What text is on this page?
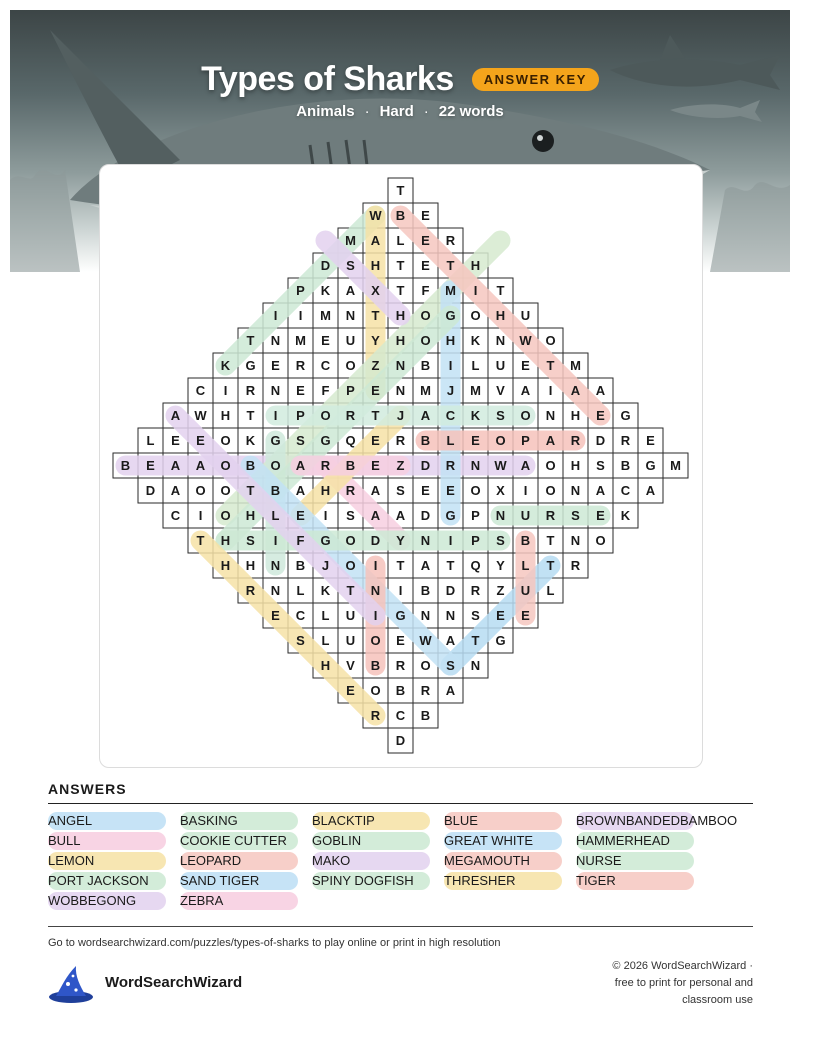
Types of Sharks ANSWER KEY
Animals · Hard · 22 words
T
W B E
M A L E R
D S H T E T H
P K A X T F M I T
I I M N T H O G O H U
T N M E U Y H O H K N W O
K G E R C O Z N B I L U E T M
C I R N E F P E N M J M V A I A A
A W H T I P O R T J A C K S O N H E G
L E E O K G S G Q E R B L E O P A R D R E
B E A A O B O A R B E Z D R N W A O H S B G M
D A O O T B A H R A S E E O X I O N A C A
C I O H L E I S A A D G P N U R S E K
T H S I F G O D Y N I P S B T N O
H H N B J O I T A T Q Y L T R
R N L K T N I B D R Z U L
E C L U I G N N S E E
S L U O E W A T G
H V B R O S N
E O B R A
R C B
D
ANSWERS
ANGEL	BASKING	BLACKTIP	BLUE	BROWNBANDEDBAMBOO
BULL	COOKIE CUTTER	GOBLIN	GREAT WHITE	HAMMERHEAD
LEMON	LEOPARD	MAKO	MEGAMOUTH	NURSE
PORT JACKSON	SAND TIGER	SPINY DOGFISH	THRESHER	TIGER
WOBBEGONG	ZEBRA
Go to wordsearchwizard.com/puzzles/types-of-sharks to play online or print in high resolution
WordSearchWizard
© 2026 WordSearchWizard ·
free to print for personal and
classroom use
